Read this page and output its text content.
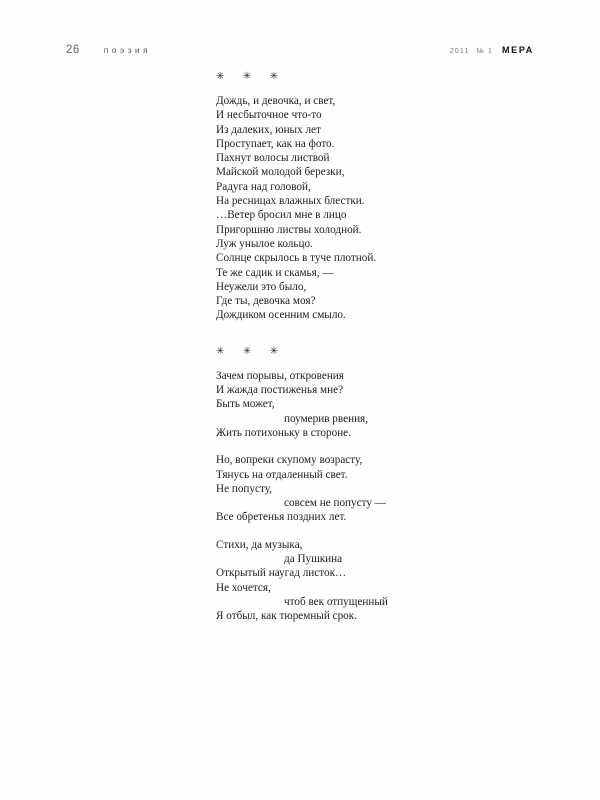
26	поэзия	2011 № 1 МЕРА
✳ ✳ ✳
Дождь, и девочка, и свет,
И несбыточное что-то
Из далеких, юных лет
Проступает, как на фото.
Пахнут волосы листвой
Майской молодой березки,
Радуга над головой,
На ресницах влажных блестки.
…Ветер бросил мне в лицо
Пригоршню листвы холодной.
Луж унылое кольцо.
Солнце скрылось в туче плотной.
Те же садик и скамья, —
Неужели это было,
Где ты, девочка моя?
Дождиком осенним смыло.
✳ ✳ ✳
Зачем порывы, откровения
И жажда постиженья мне?
Быть может,
поумерив рвения,
Жить потихоньку в стороне.
Но, вопреки скупому возрасту,
Тянусь на отдаленный свет.
Не попусту,
совсем не попусту —
Все обретенья поздних лет.
Стихи, да музыка,
да Пушкина
Открытый наугад листок…
Не хочется,
чтоб век отпущенный
Я отбыл, как тюремный срок.
